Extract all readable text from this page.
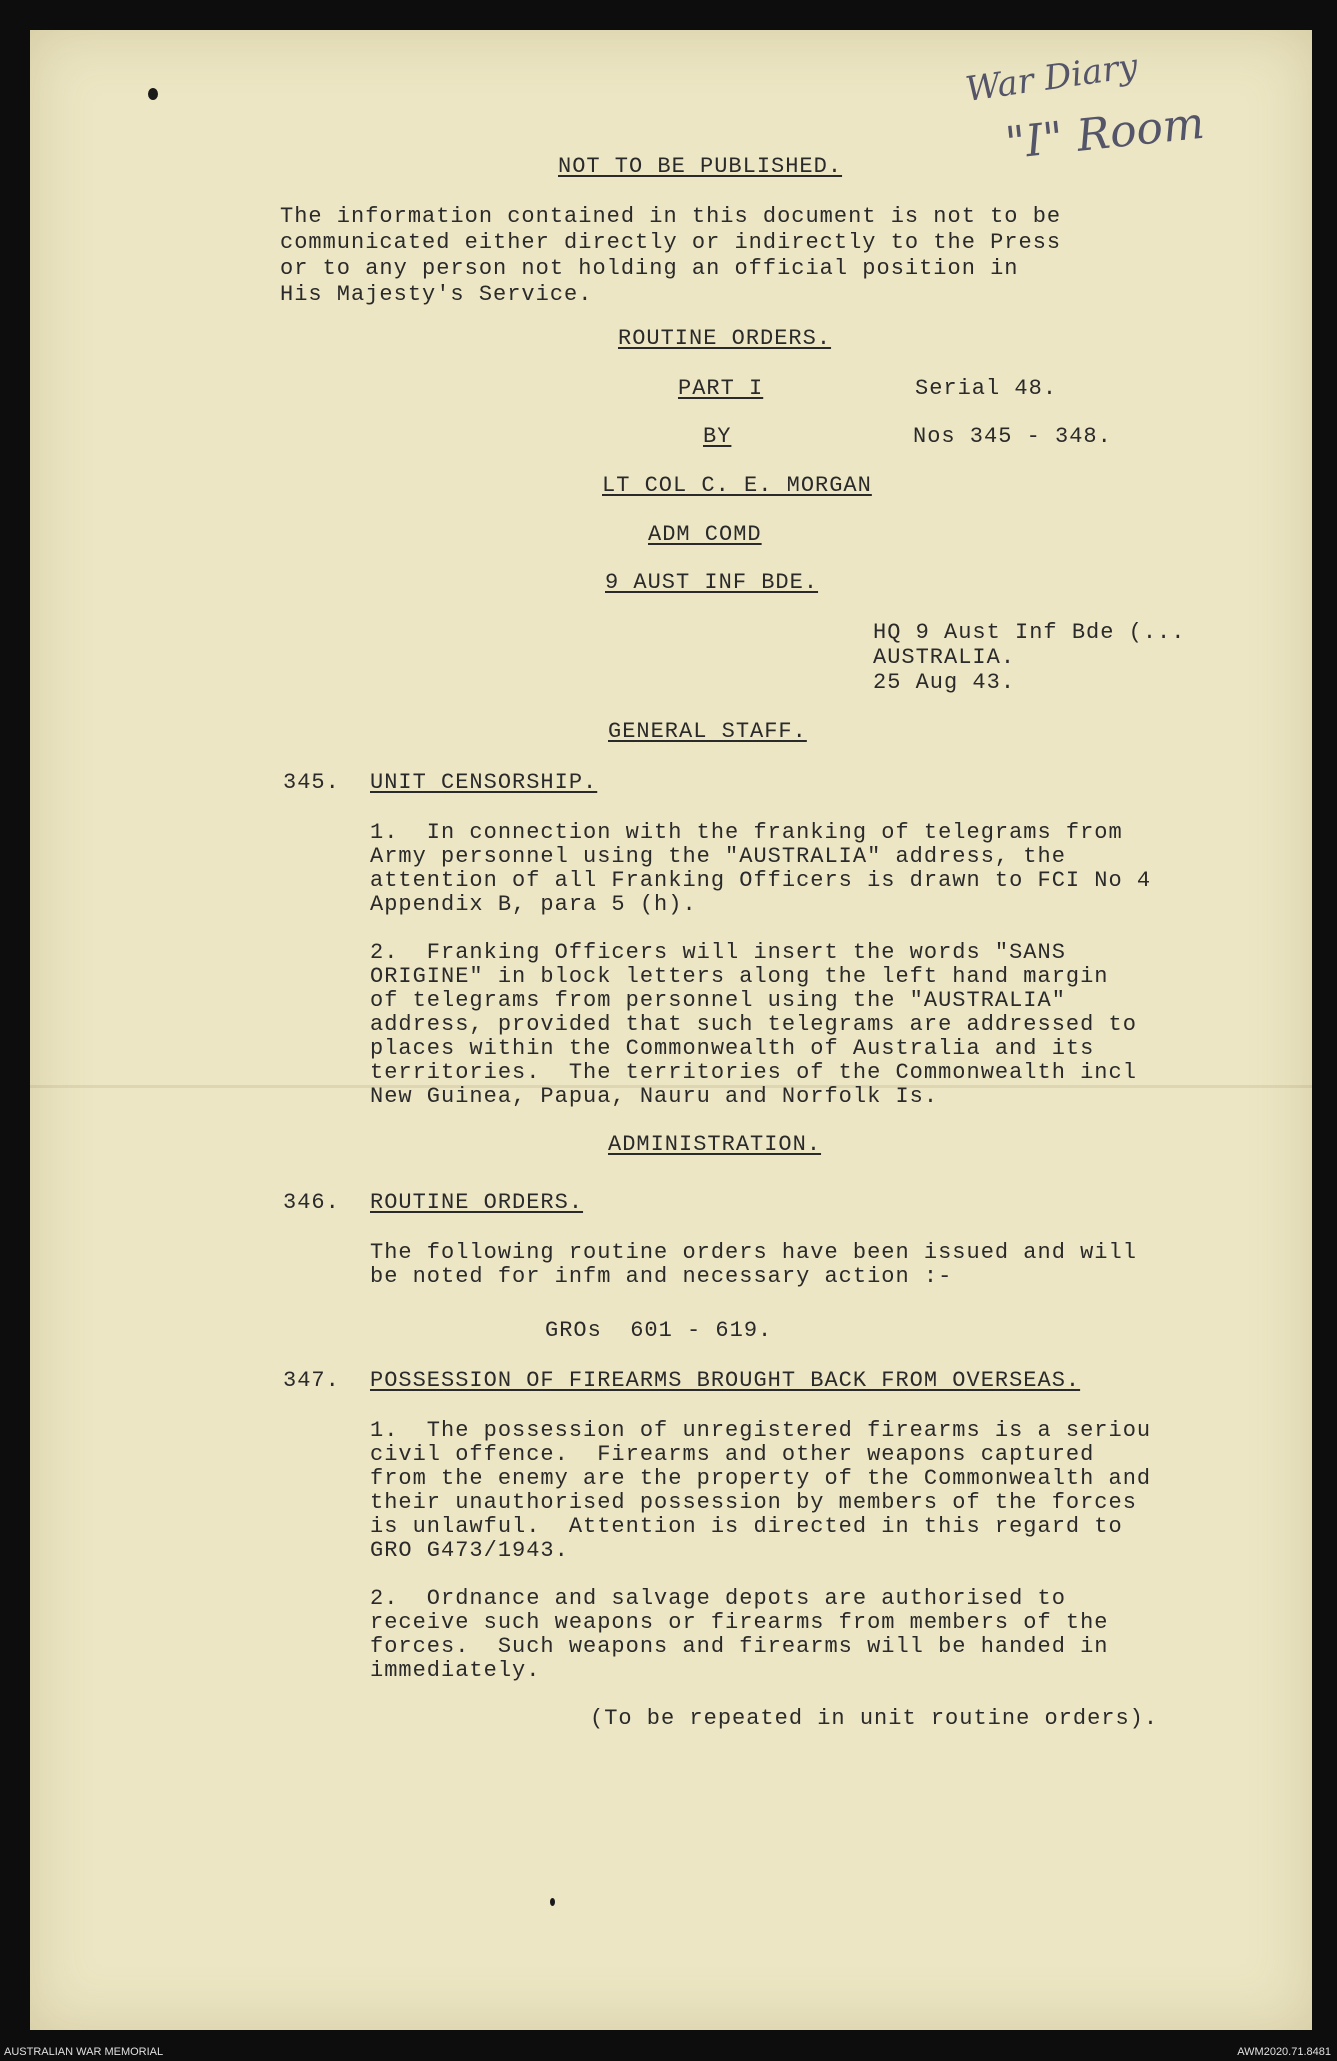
War Diary
"I" Room
NOT TO BE PUBLISHED.
The information contained in this document is not to be
communicated either directly or indirectly to the Press
or to any person not holding an official position in
His Majesty's Service.
ROUTINE ORDERS.
PART I	Serial 48.
BY	Nos 345 - 348.
LT COL C. E. MORGAN
ADM COMD
9 AUST INF BDE.
HQ 9 Aust Inf Bde (...
AUSTRALIA.
25 Aug 43.
GENERAL STAFF.
345. UNIT CENSORSHIP.
1.  In connection with the franking of telegrams from
Army personnel using the "AUSTRALIA" address, the
attention of all Franking Officers is drawn to FCI No 4
Appendix B, para 5 (h).
2.  Franking Officers will insert the words "SANS
ORIGINE" in block letters along the left hand margin
of telegrams from personnel using the "AUSTRALIA"
address, provided that such telegrams are addressed to
places within the Commonwealth of Australia and its
territories.  The territories of the Commonwealth incl
New Guinea, Papua, Nauru and Norfolk Is.
ADMINISTRATION.
346. ROUTINE ORDERS.
The following routine orders have been issued and will
be noted for infm and necessary action :-
GROs  601 - 619.
347. POSSESSION OF FIREARMS BROUGHT BACK FROM OVERSEAS.
1.  The possession of unregistered firearms is a seriou
civil offence.  Firearms and other weapons captured
from the enemy are the property of the Commonwealth and
their unauthorised possession by members of the forces
is unlawful.  Attention is directed in this regard to
GRO G473/1943.
2.  Ordnance and salvage depots are authorised to
receive such weapons or firearms from members of the
forces.  Such weapons and firearms will be handed in
immediately.
(To be repeated in unit routine orders).
AUSTRALIAN WAR MEMORIAL	AWM2020.71.8481
